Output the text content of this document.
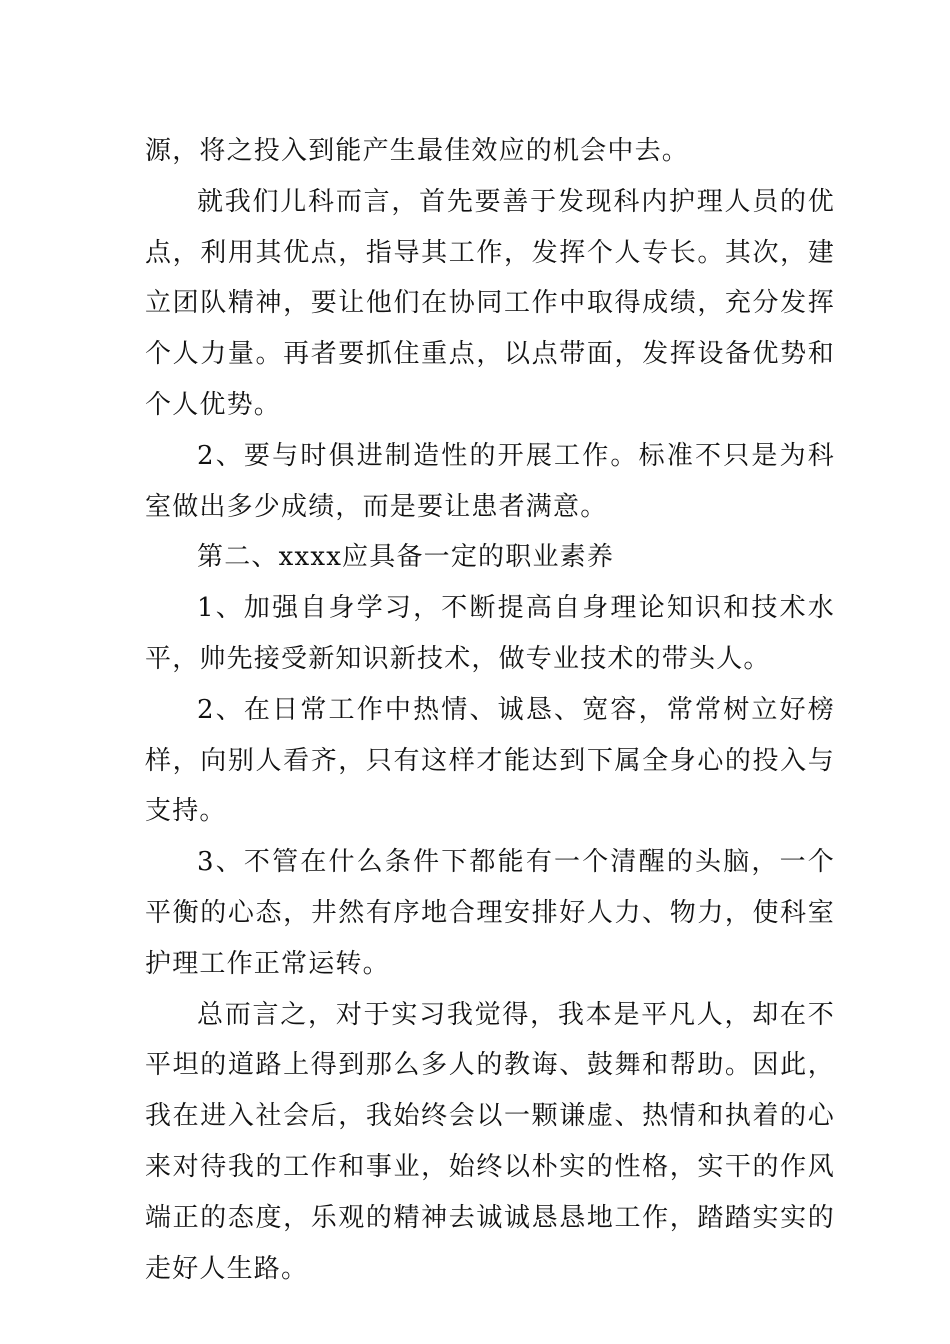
源，将之投入到能产生最佳效应的机会中去。

就我们儿科而言，首先要善于发现科内护理人员的优点，利用其优点，指导其工作，发挥个人专长。其次，建立团队精神，要让他们在协同工作中取得成绩，充分发挥个人力量。再者要抓住重点，以点带面，发挥设备优势和个人优势。

2、要与时俱进制造性的开展工作。标准不只是为科室做出多少成绩，而是要让患者满意。

第二、xxxx应具备一定的职业素养

1、加强自身学习，不断提高自身理论知识和技术水平，帅先接受新知识新技术，做专业技术的带头人。

2、在日常工作中热情、诚恳、宽容，常常树立好榜样，向别人看齐，只有这样才能达到下属全身心的投入与支持。

3、不管在什么条件下都能有一个清醒的头脑，一个平衡的心态，井然有序地合理安排好人力、物力，使科室护理工作正常运转。

总而言之，对于实习我觉得，我本是平凡人，却在不平坦的道路上得到那么多人的教诲、鼓舞和帮助。因此，我在进入社会后，我始终会以一颗谦虚、热情和执着的心来对待我的工作和事业，始终以朴实的性格，实干的作风端正的态度，乐观的精神去诚诚恳恳地工作，踏踏实实的走好人生路。
